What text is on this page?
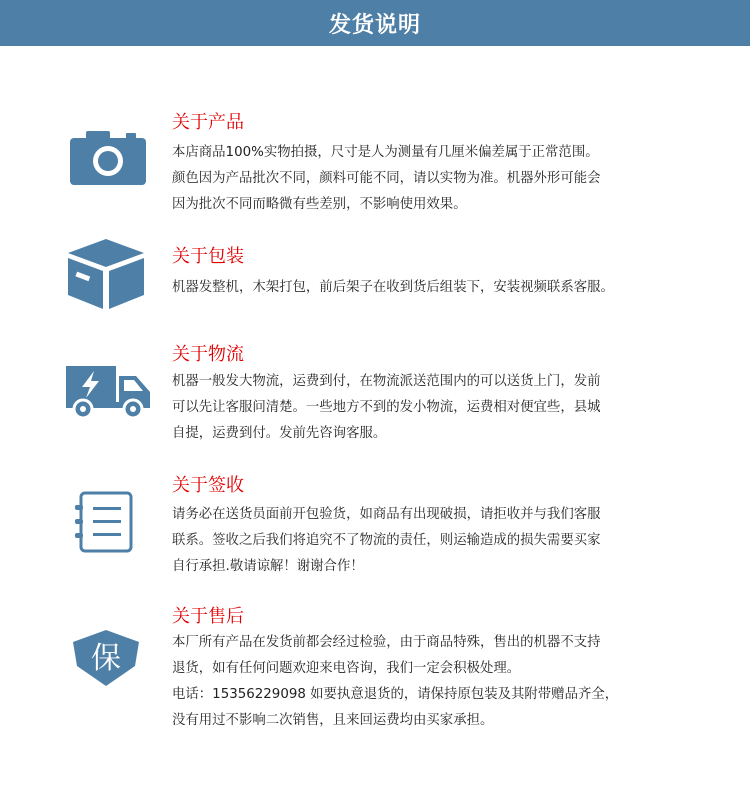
发货说明
关于产品
本店商品100%实物拍摄，尺寸是人为测量有几厘米偏差属于正常范围。
颜色因为产品批次不同，颜料可能不同，请以实物为准。机器外形可能会
因为批次不同而略微有些差别，不影响使用效果。
关于包装
机器发整机，木架打包，前后架子在收到货后组装下，安装视频联系客服。
关于物流
机器一般发大物流，运费到付，在物流派送范围内的可以送货上门，发前
可以先让客服问清楚。一些地方不到的发小物流，运费相对便宜些，县城
自提，运费到付。发前先咨询客服。
关于签收
请务必在送货员面前开包验货，如商品有出现破损，请拒收并与我们客服
联系。签收之后我们将追究不了物流的责任，则运输造成的损失需要买家
自行承担.敬请谅解！谢谢合作！
保
关于售后
本厂所有产品在发货前都会经过检验，由于商品特殊，售出的机器不支持
退货，如有任何问题欢迎来电咨询，我们一定会积极处理。
电话：15356229098 如要执意退货的，请保持原包装及其附带赠品齐全，
没有用过不影响二次销售，且来回运费均由买家承担。
